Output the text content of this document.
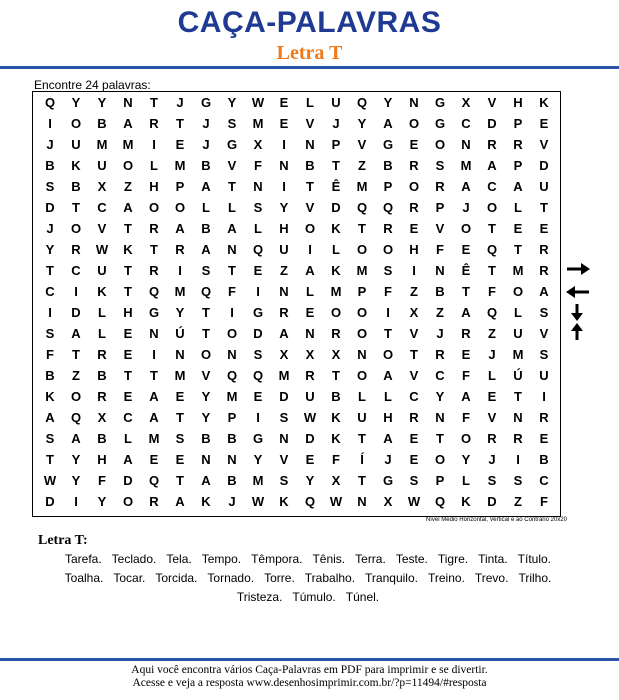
CAÇA-PALAVRAS
Letra T
Encontre 24 palavras:
Q	Y	Y	N	T	J	G	Y	W	E	L	U	Q	Y	N	G	X	V	H	K
I	O	B	A	R	T	J	S	M	E	V	J	Y	A	O	G	C	D	P	E
J	U	M	M	I	E	J	G	X	I	N	P	V	G	E	O	N	R	R	V
B	K	U	O	L	M	B	V	F	N	B	T	Z	B	R	S	M	A	P	D
S	B	X	Z	H	P	A	T	N	I	T	Ê	M	P	O	R	A	C	A	U
D	T	C	A	O	O	L	L	S	Y	V	D	Q	Q	R	P	J	O	L	T
J	O	V	T	R	A	B	A	L	H	O	K	T	R	E	V	O	T	E	E
Y	R	W	K	T	R	A	N	Q	U	I	L	O	O	H	F	E	Q	T	R
T	C	U	T	R	I	S	T	E	Z	A	K	M	S	I	N	Ê	T	M	R
C	I	K	T	Q	M	Q	F	I	N	L	M	P	F	Z	B	T	F	O	A
I	D	L	H	G	Y	T	I	G	R	E	O	O	I	X	Z	A	Q	L	S
S	A	L	E	N	Ú	T	O	D	A	N	R	O	T	V	J	R	Z	U	V
F	T	R	E	I	N	O	N	S	X	X	X	N	O	T	R	E	J	M	S
B	Z	B	T	T	M	V	Q	Q	M	R	T	O	A	V	C	F	L	Ú	U
K	O	R	E	A	E	Y	M	E	D	U	B	L	L	C	Y	A	E	T	I
A	Q	X	C	A	T	Y	P	I	S	W	K	U	H	R	N	F	V	N	R
S	A	B	L	M	S	B	B	G	N	D	K	T	A	E	T	O	R	R	E
T	Y	H	A	E	E	N	N	Y	V	E	F	Í	J	E	O	Y	J	I	B
W	Y	F	D	Q	T	A	B	M	S	Y	X	T	G	S	P	L	S	S	C
D	I	Y	O	R	A	K	J	W	K	Q	W	N	X	W	Q	K	D	Z	F
Nível Médio Horizontal, Vertical e ao Contrário 20x20
Letra T:
Tarefa. Teclado. Tela. Tempo. Têmpora. Tênis. Terra. Teste. Tigre. Tinta. Título.
Toalha. Tocar. Torcida. Tornado. Torre. Trabalho. Tranquilo. Treino. Trevo. Trilho.
Tristeza. Túmulo. Túnel.
Aqui você encontra vários Caça-Palavras em PDF para imprimir e se divertir.
Acesse e veja a resposta www.desenhosimprimir.com.br/?p=11494/#resposta
